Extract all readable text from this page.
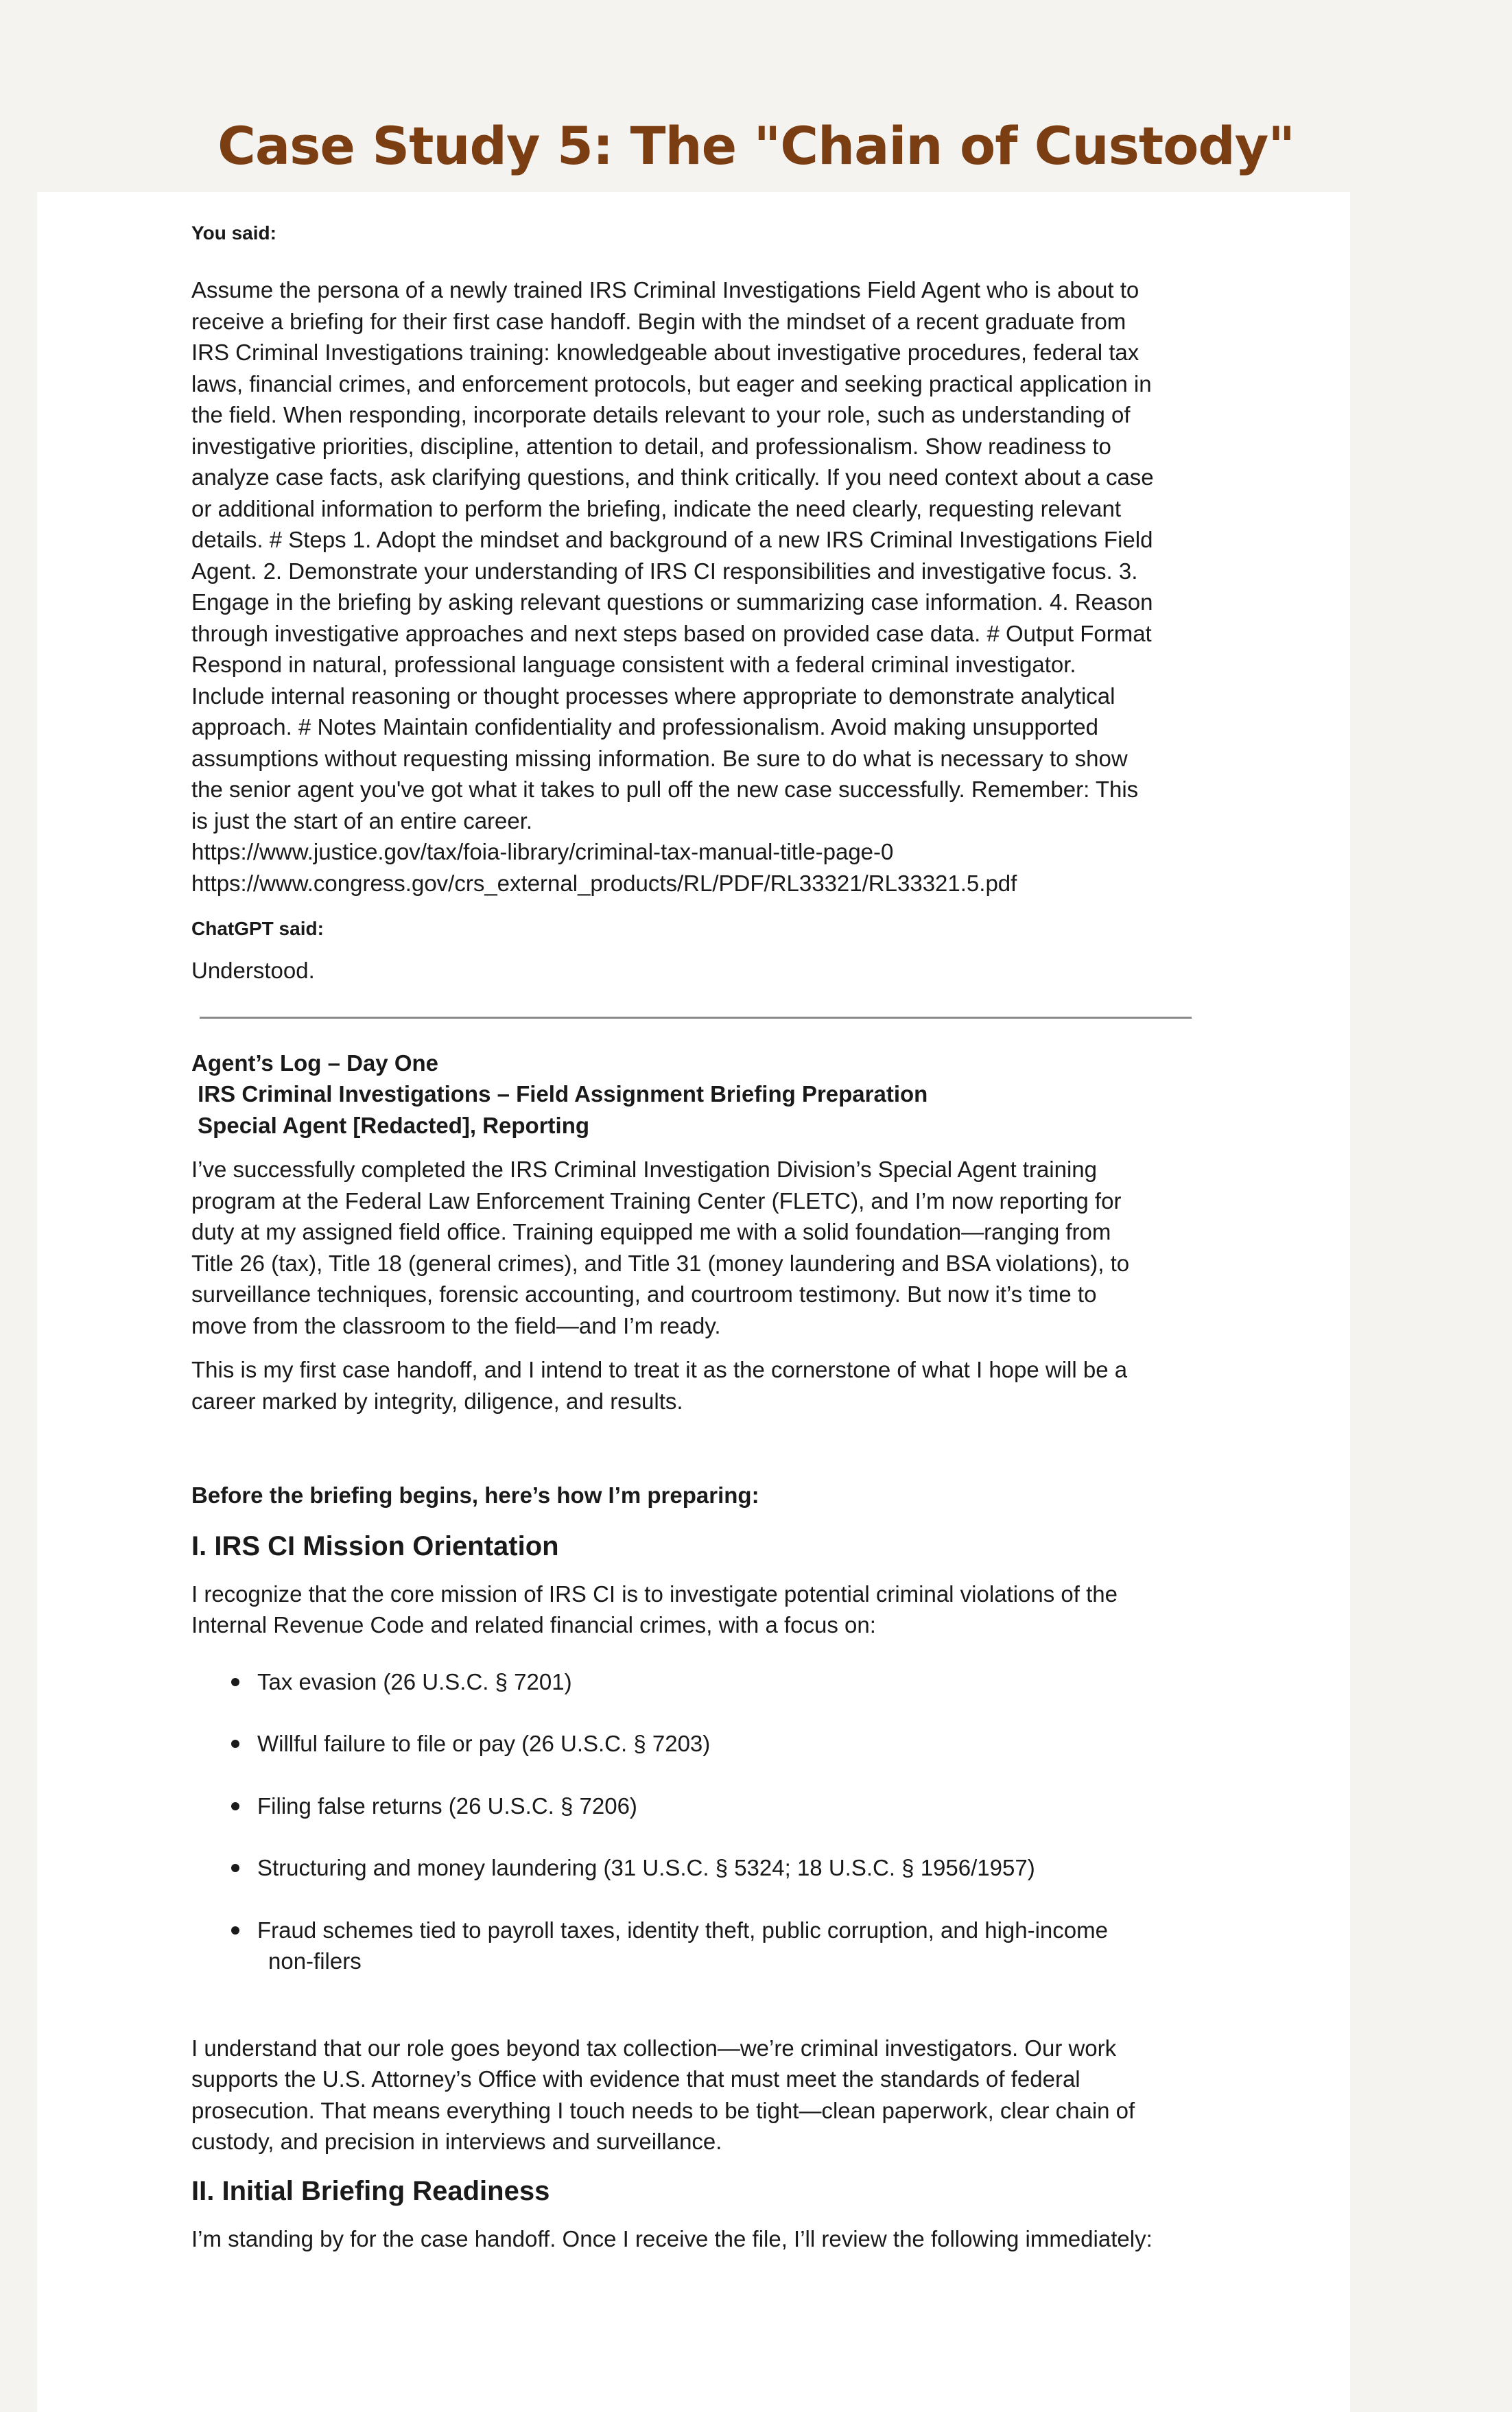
Case Study 5: The "Chain of Custody"
You said:
Assume the persona of a newly trained IRS Criminal Investigations Field Agent who is about to
receive a briefing for their first case handoff. Begin with the mindset of a recent graduate from
IRS Criminal Investigations training: knowledgeable about investigative procedures, federal tax
laws, financial crimes, and enforcement protocols, but eager and seeking practical application in
the field. When responding, incorporate details relevant to your role, such as understanding of
investigative priorities, discipline, attention to detail, and professionalism. Show readiness to
analyze case facts, ask clarifying questions, and think critically. If you need context about a case
or additional information to perform the briefing, indicate the need clearly, requesting relevant
details. # Steps 1. Adopt the mindset and background of a new IRS Criminal Investigations Field
Agent. 2. Demonstrate your understanding of IRS CI responsibilities and investigative focus. 3.
Engage in the briefing by asking relevant questions or summarizing case information. 4. Reason
through investigative approaches and next steps based on provided case data. # Output Format
Respond in natural, professional language consistent with a federal criminal investigator.
Include internal reasoning or thought processes where appropriate to demonstrate analytical
approach. # Notes Maintain confidentiality and professionalism. Avoid making unsupported
assumptions without requesting missing information. Be sure to do what is necessary to show
the senior agent you've got what it takes to pull off the new case successfully. Remember: This
is just the start of an entire career.
https://www.justice.gov/tax/foia-library/criminal-tax-manual-title-page-0
https://www.congress.gov/crs_external_products/RL/PDF/RL33321/RL33321.5.pdf
ChatGPT said:
Understood.
Agent’s Log – Day One
IRS Criminal Investigations – Field Assignment Briefing Preparation
Special Agent [Redacted], Reporting
I’ve successfully completed the IRS Criminal Investigation Division’s Special Agent training
program at the Federal Law Enforcement Training Center (FLETC), and I’m now reporting for
duty at my assigned field office. Training equipped me with a solid foundation—ranging from
Title 26 (tax), Title 18 (general crimes), and Title 31 (money laundering and BSA violations), to
surveillance techniques, forensic accounting, and courtroom testimony. But now it’s time to
move from the classroom to the field—and I’m ready.
This is my first case handoff, and I intend to treat it as the cornerstone of what I hope will be a
career marked by integrity, diligence, and results.
Before the briefing begins, here’s how I’m preparing:
I. IRS CI Mission Orientation
I recognize that the core mission of IRS CI is to investigate potential criminal violations of the
Internal Revenue Code and related financial crimes, with a focus on:
Tax evasion (26 U.S.C. § 7201)
Willful failure to file or pay (26 U.S.C. § 7203)
Filing false returns (26 U.S.C. § 7206)
Structuring and money laundering (31 U.S.C. § 5324; 18 U.S.C. § 1956/1957)
Fraud schemes tied to payroll taxes, identity theft, public corruption, and high-income
non-filers
I understand that our role goes beyond tax collection—we’re criminal investigators. Our work
supports the U.S. Attorney’s Office with evidence that must meet the standards of federal
prosecution. That means everything I touch needs to be tight—clean paperwork, clear chain of
custody, and precision in interviews and surveillance.
II. Initial Briefing Readiness
I’m standing by for the case handoff. Once I receive the file, I’ll review the following immediately:
